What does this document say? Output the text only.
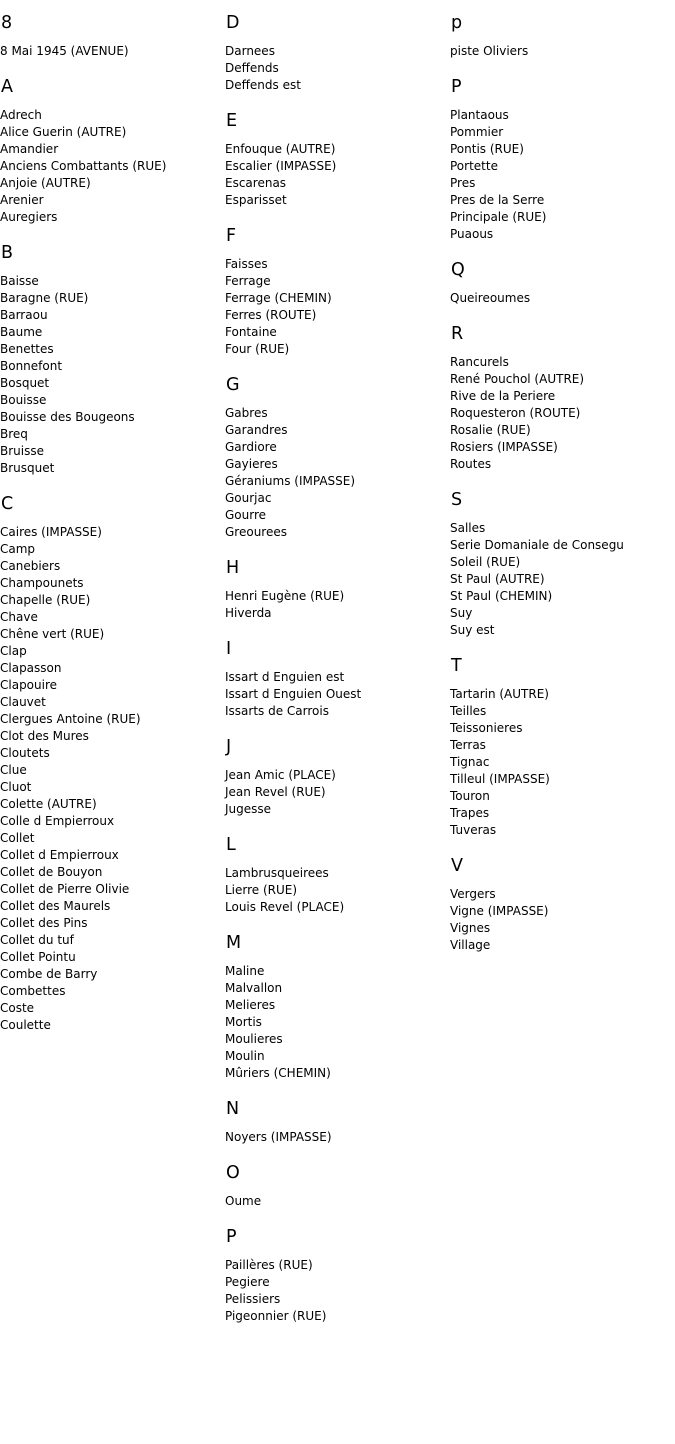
8
8 Mai 1945 (AVENUE)
A
Adrech
Alice Guerin (AUTRE)
Amandier
Anciens Combattants (RUE)
Anjoie (AUTRE)
Arenier
Auregiers
B
Baisse
Baragne (RUE)
Barraou
Baume
Benettes
Bonnefont
Bosquet
Bouisse
Bouisse des Bougeons
Breq
Bruisse
Brusquet
C
Caires (IMPASSE)
Camp
Canebiers
Champounets
Chapelle (RUE)
Chave
Chêne vert (RUE)
Clap
Clapasson
Clapouire
Clauvet
Clergues Antoine (RUE)
Clot des Mures
Cloutets
Clue
Cluot
Colette (AUTRE)
Colle d Empierroux
Collet
Collet d Empierroux
Collet de Bouyon
Collet de Pierre Olivie
Collet des Maurels
Collet des Pins
Collet du tuf
Collet Pointu
Combe de Barry
Combettes
Coste
Coulette
D
Darnees
Deffends
Deffends est
E
Enfouque (AUTRE)
Escalier (IMPASSE)
Escarenas
Esparisset
F
Faisses
Ferrage
Ferrage (CHEMIN)
Ferres (ROUTE)
Fontaine
Four (RUE)
G
Gabres
Garandres
Gardiore
Gayieres
Géraniums (IMPASSE)
Gourjac
Gourre
Greourees
H
Henri Eugène (RUE)
Hiverda
I
Issart d Enguien est
Issart d Enguien Ouest
Issarts de Carrois
J
Jean Amic (PLACE)
Jean Revel (RUE)
Jugesse
L
Lambrusqueirees
Lierre (RUE)
Louis Revel (PLACE)
M
Maline
Malvallon
Melieres
Mortis
Moulieres
Moulin
Mûriers (CHEMIN)
N
Noyers (IMPASSE)
O
Oume
P
Paillères (RUE)
Pegiere
Pelissiers
Pigeonnier (RUE)
p
piste Oliviers
P
Plantaous
Pommier
Pontis (RUE)
Portette
Pres
Pres de la Serre
Principale (RUE)
Puaous
Q
Queireoumes
R
Rancurels
René Pouchol (AUTRE)
Rive de la Periere
Roquesteron (ROUTE)
Rosalie (RUE)
Rosiers (IMPASSE)
Routes
S
Salles
Serie Domaniale de Consegu
Soleil (RUE)
St Paul (AUTRE)
St Paul (CHEMIN)
Suy
Suy est
T
Tartarin (AUTRE)
Teilles
Teissonieres
Terras
Tignac
Tilleul (IMPASSE)
Touron
Trapes
Tuveras
V
Vergers
Vigne (IMPASSE)
Vignes
Village
